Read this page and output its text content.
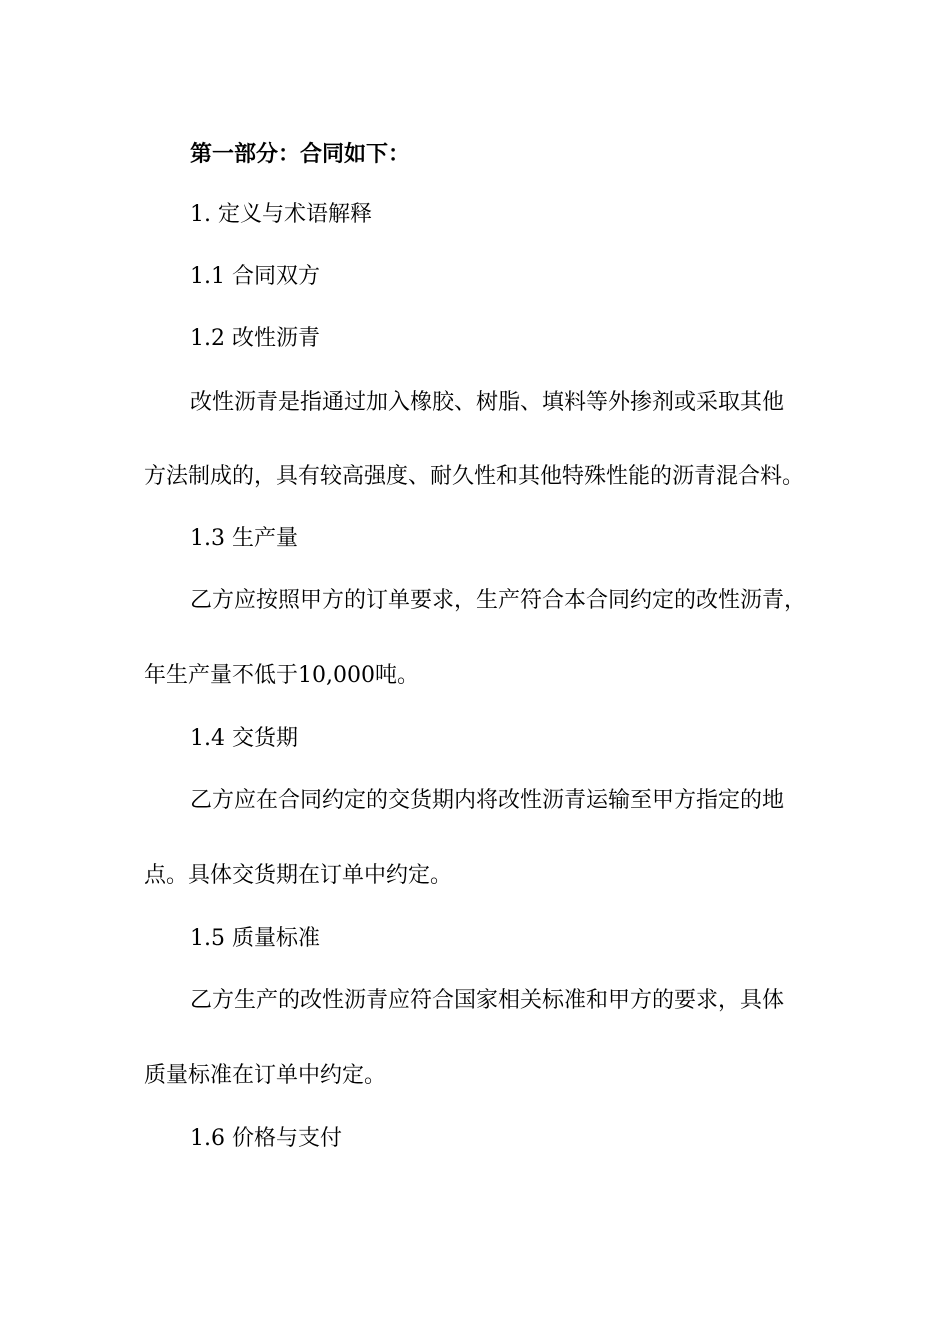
第一部分：合同如下：
1. 定义与术语解释
1.1 合同双方
1.2 改性沥青
改性沥青是指通过加入橡胶、树脂、填料等外掺剂或采取其他
方法制成的，具有较高强度、耐久性和其他特殊性能的沥青混合料。
1.3 生产量
乙方应按照甲方的订单要求，生产符合本合同约定的改性沥青，
年生产量不低于10,000吨。
1.4 交货期
乙方应在合同约定的交货期内将改性沥青运输至甲方指定的地
点。具体交货期在订单中约定。
1.5 质量标准
乙方生产的改性沥青应符合国家相关标准和甲方的要求，具体
质量标准在订单中约定。
1.6 价格与支付
